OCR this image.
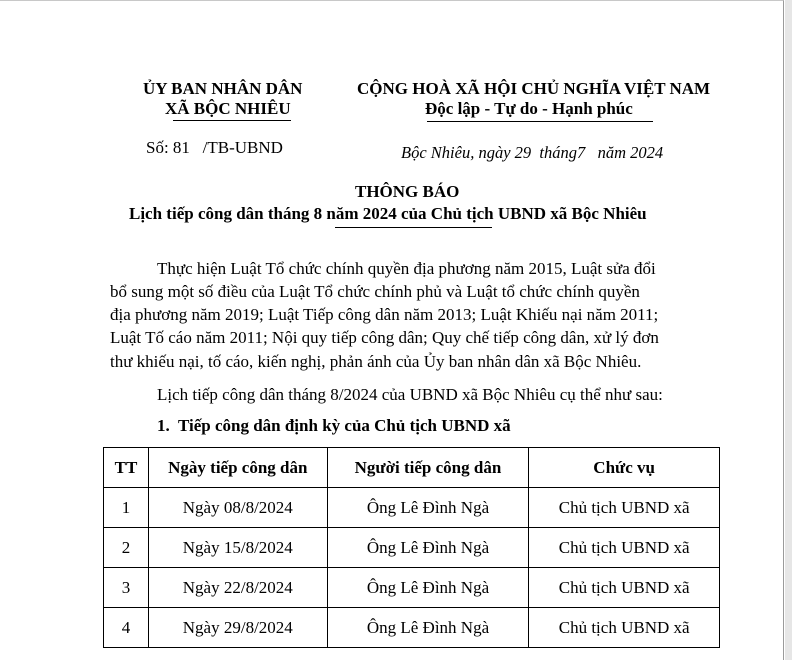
ỦY BAN NHÂN DÂN
XÃ BỘC NHIÊU
CỘNG HOÀ XÃ HỘI CHỦ NGHĨA VIỆT NAM
Độc lập - Tự do - Hạnh phúc
Số: 81   /TB-UBND	Bộc Nhiêu, ngày 29  tháng7   năm 2024
THÔNG BÁO
Lịch tiếp công dân tháng 8 năm 2024 của Chủ tịch UBND xã Bộc Nhiêu
Thực hiện Luật Tổ chức chính quyền địa phương năm 2015, Luật sửa đổi
bổ sung một số điều của Luật Tổ chức chính phủ và Luật tổ chức chính quyền
địa phương năm 2019; Luật Tiếp công dân năm 2013; Luật Khiếu nại năm 2011;
Luật Tố cáo năm 2011; Nội quy tiếp công dân; Quy chế tiếp công dân, xử lý đơn
thư khiếu nại, tố cáo, kiến nghị, phản ánh của Ủy ban nhân dân xã Bộc Nhiêu.
Lịch tiếp công dân tháng 8/2024 của UBND xã Bộc Nhiêu cụ thể như sau:
1.  Tiếp công dân định kỳ của Chủ tịch UBND xã
TT	Ngày tiếp công dân	Người tiếp công dân	Chức vụ
1	Ngày 08/8/2024	Ông Lê Đình Ngà	Chủ tịch UBND xã
2	Ngày 15/8/2024	Ông Lê Đình Ngà	Chủ tịch UBND xã
3	Ngày 22/8/2024	Ông Lê Đình Ngà	Chủ tịch UBND xã
4	Ngày 29/8/2024	Ông Lê Đình Ngà	Chủ tịch UBND xã
